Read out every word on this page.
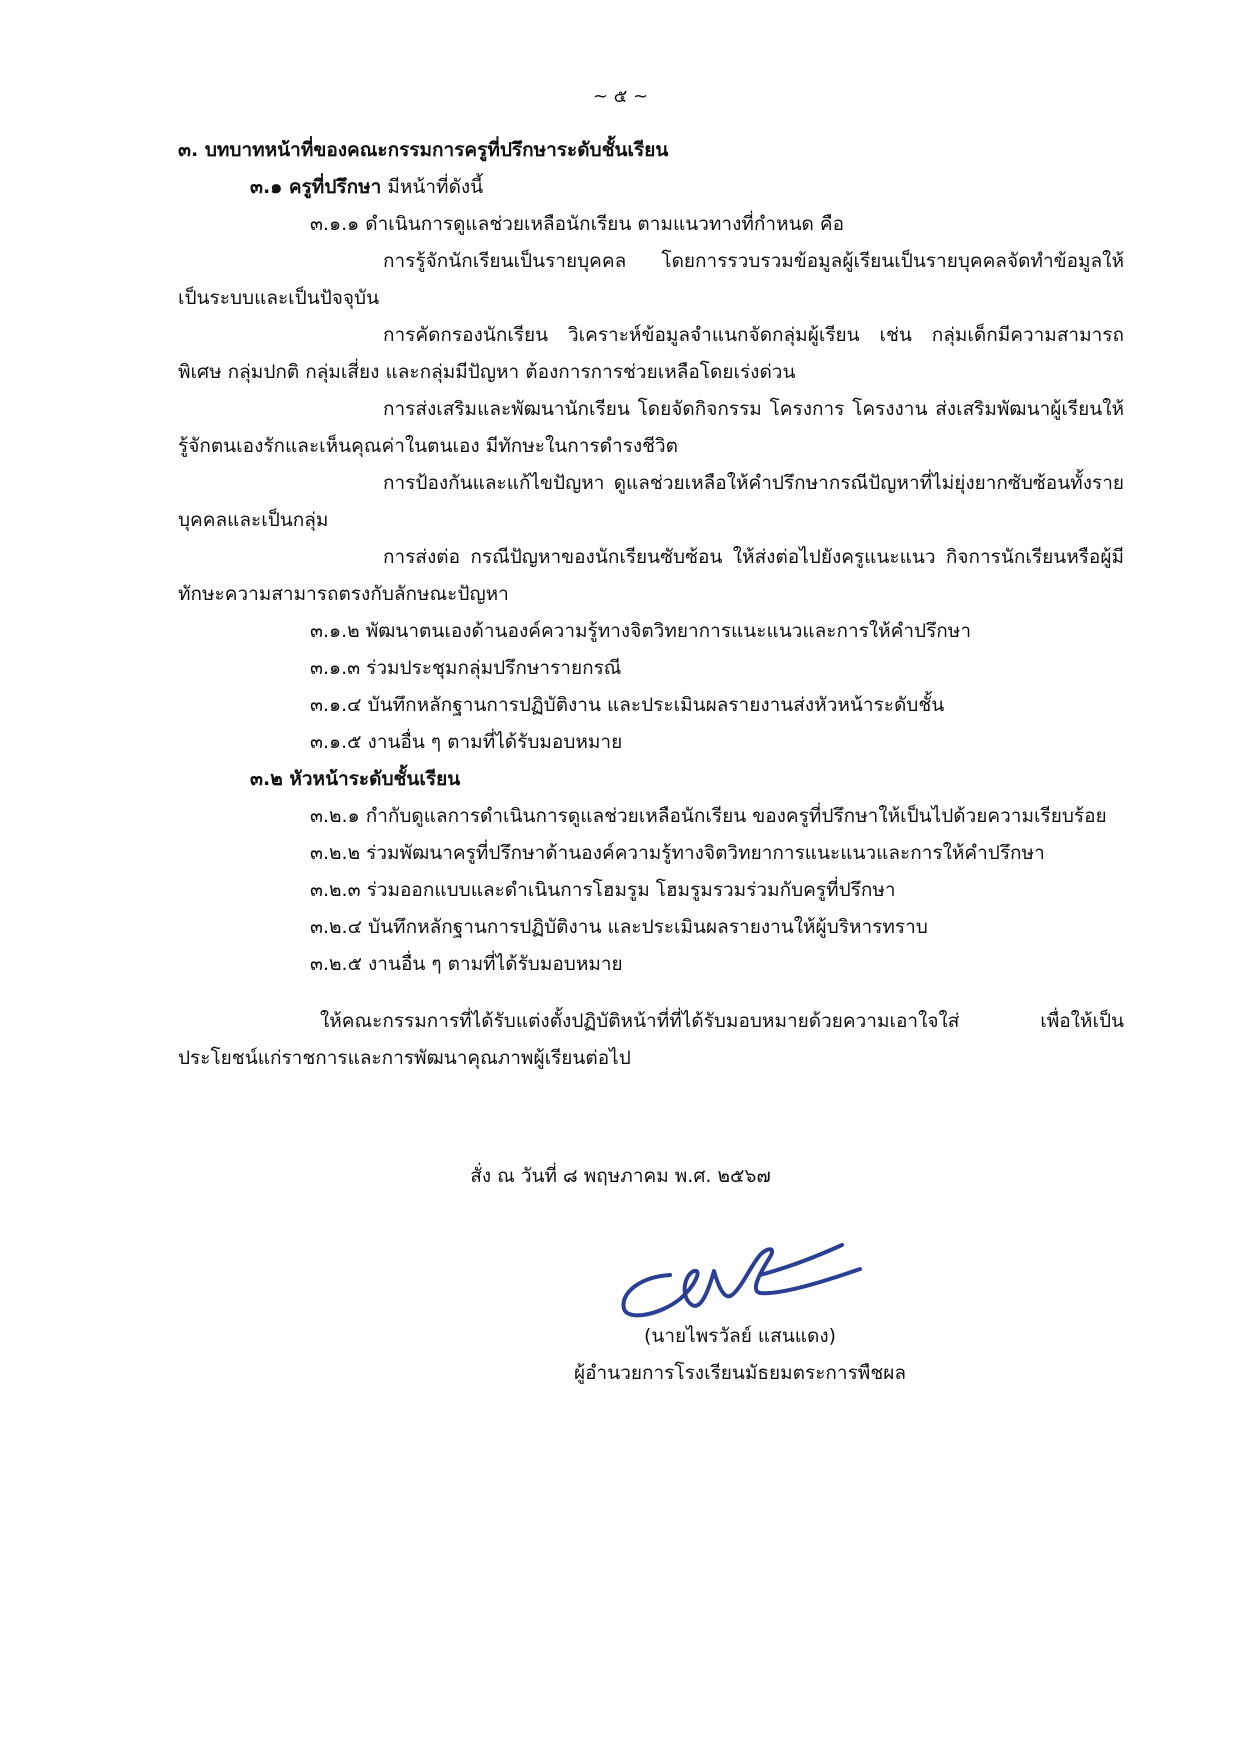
~ ๕ ~

๓. บทบาทหน้าที่ของคณะกรรมการครูที่ปรึกษาระดับชั้นเรียน

๓.๑ ครูที่ปรึกษา มีหน้าที่ดังนี้

๓.๑.๑ ดำเนินการดูแลช่วยเหลือนักเรียน ตามแนวทางที่กำหนด คือ

การรู้จักนักเรียนเป็นรายบุคคล โดยการรวบรวมข้อมูลผู้เรียนเป็นรายบุคคลจัดทำข้อมูลให้เป็นระบบและเป็นปัจจุบัน

การคัดกรองนักเรียน วิเคราะห์ข้อมูลจำแนกจัดกลุ่มผู้เรียน เช่น กลุ่มเด็กมีความสามารถพิเศษ กลุ่มปกติ กลุ่มเสี่ยง และกลุ่มมีปัญหา ต้องการการช่วยเหลือโดยเร่งด่วน

การส่งเสริมและพัฒนานักเรียน โดยจัดกิจกรรม โครงการ โครงงาน ส่งเสริมพัฒนาผู้เรียนให้รู้จักตนเองรักและเห็นคุณค่าในตนเอง มีทักษะในการดำรงชีวิต

การป้องกันและแก้ไขปัญหา ดูแลช่วยเหลือให้คำปรึกษากรณีปัญหาที่ไม่ยุ่งยากซับซ้อนทั้งรายบุคคลและเป็นกลุ่ม

การส่งต่อ กรณีปัญหาของนักเรียนซับซ้อน ให้ส่งต่อไปยังครูแนะแนว กิจการนักเรียนหรือผู้มีทักษะความสามารถตรงกับลักษณะปัญหา

๓.๑.๒ พัฒนาตนเองด้านองค์ความรู้ทางจิตวิทยาการแนะแนวและการให้คำปรึกษา

๓.๑.๓ ร่วมประชุมกลุ่มปรึกษารายกรณี

๓.๑.๔ บันทึกหลักฐานการปฏิบัติงาน และประเมินผลรายงานส่งหัวหน้าระดับชั้น

๓.๑.๕ งานอื่น ๆ ตามที่ได้รับมอบหมาย

๓.๒ หัวหน้าระดับชั้นเรียน

๓.๒.๑ กำกับดูแลการดำเนินการดูแลช่วยเหลือนักเรียน ของครูที่ปรึกษาให้เป็นไปด้วยความเรียบร้อย

๓.๒.๒ ร่วมพัฒนาครูที่ปรึกษาด้านองค์ความรู้ทางจิตวิทยาการแนะแนวและการให้คำปรึกษา

๓.๒.๓ ร่วมออกแบบและดำเนินการโฮมรูม โฮมรูมรวมร่วมกับครูที่ปรึกษา

๓.๒.๔ บันทึกหลักฐานการปฏิบัติงาน และประเมินผลรายงานให้ผู้บริหารทราบ

๓.๒.๕ งานอื่น ๆ ตามที่ได้รับมอบหมาย

ให้คณะกรรมการที่ได้รับแต่งตั้งปฏิบัติหน้าที่ที่ได้รับมอบหมายด้วยความเอาใจใส่ เพื่อให้เป็นประโยชน์แก่ราชการและการพัฒนาคุณภาพผู้เรียนต่อไป

สั่ง ณ วันที่ ๘ พฤษภาคม พ.ศ. ๒๕๖๗
(นายไพรวัลย์ แสนแดง)
ผู้อำนวยการโรงเรียนมัธยมตระการพืชผล
